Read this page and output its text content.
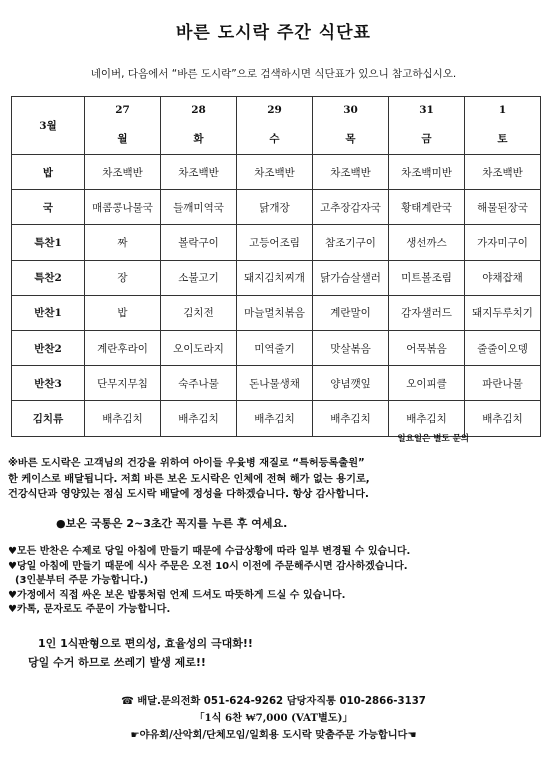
바른 도시락 주간 식단표
네이버, 다음에서 “바른 도시락”으로 검색하시면 식단표가 있으니 참고하십시오.
3월	27	28	29	30	31	1
	월	화	수	목	금	토
밥	차조백반	차조백반	차조백반	차조백반	차조백미반	차조백반
국	매콤콩나물국	들깨미역국	닭개장	고추장감자국	황태계란국	해물된장국
특찬1	짜	볼락구이	고등어조림	참조기구이	생선까스	가자미구이
특찬2	장	소불고기	돼지김치찌개	닭가슴살샐러	미트볼조림	야채잡채
반찬1	밥	김치전	마늘멸치볶음	계란말이	감자샐러드	돼지두루치기
반찬2	계란후라이	오이도라지	미역줄기	맛살볶음	어묵볶음	줄줄이오뎅
반찬3	단무지무침	숙주나물	돈나물생채	양념깻잎	오이피클	파란나물
김치류	배추김치	배추김치	배추김치	배추김치	배추김치	배추김치
일요일은 별도 문의

※바른 도시락은 고객님의 건강을 위하여 아이들 우윳병 재질로 “특허등록출원”

한 케이스로 배달됩니다. 저희 바른 보온 도시락은 인체에 전혀 해가 없는 용기로,

건강식단과 영양있는 점심 도시락 배달에 정성을 다하겠습니다. 항상 감사합니다.

●보온 국통은 2~3초간 꼭지를 누른 후 여세요.

♥모든 반찬은 수제로 당일 아침에 만들기 때문에 수급상황에 따라 일부 변경될 수 있습니다.

♥당일 아침에 만들기 때문에 식사 주문은 오전 10시 이전에 주문해주시면 감사하겠습니다.

(3인분부터 주문 가능합니다.)

♥가정에서 직접 싸온 보온 밥통처럼 언제 드셔도 따뜻하게 드실 수 있습니다.

♥카톡, 문자로도 주문이 가능합니다.

1인 1식판형으로 편의성, 효율성의 극대화!!

당일 수거 하므로 쓰레기 발생 제로!!

☎ 배달.문의전화 051-624-9262 담당자직통 010-2866-3137

「1식 6찬 ₩7,000 (VAT별도)」

☛야유회/산악회/단체모임/일회용 도시락 맞춤주문 가능합니다☚
